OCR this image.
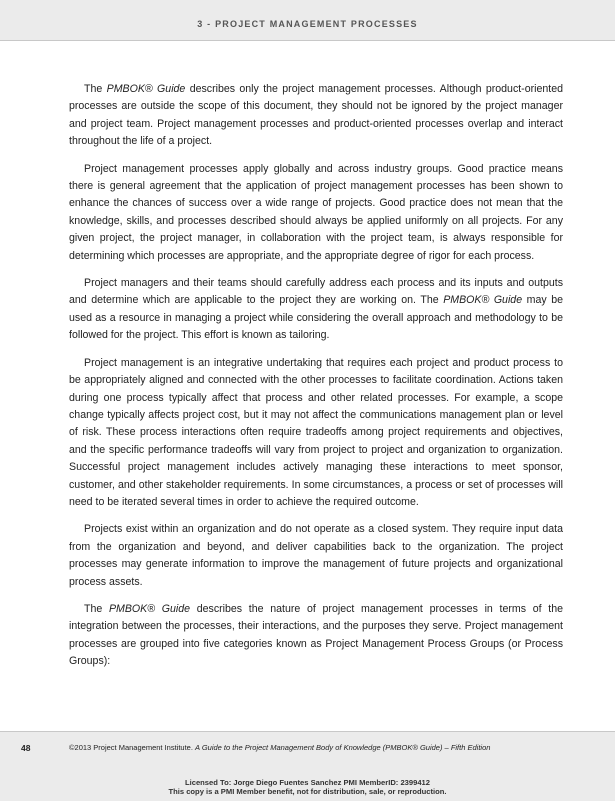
3 - PROJECT MANAGEMENT PROCESSES

The PMBOK® Guide describes only the project management processes. Although product-oriented processes are outside the scope of this document, they should not be ignored by the project manager and project team. Project management processes and product-oriented processes overlap and interact throughout the life of a project.

Project management processes apply globally and across industry groups. Good practice means there is general agreement that the application of project management processes has been shown to enhance the chances of success over a wide range of projects. Good practice does not mean that the knowledge, skills, and processes described should always be applied uniformly on all projects. For any given project, the project manager, in collaboration with the project team, is always responsible for determining which processes are appropriate, and the appropriate degree of rigor for each process.

Project managers and their teams should carefully address each process and its inputs and outputs and determine which are applicable to the project they are working on. The PMBOK® Guide may be used as a resource in managing a project while considering the overall approach and methodology to be followed for the project. This effort is known as tailoring.

Project management is an integrative undertaking that requires each project and product process to be appropriately aligned and connected with the other processes to facilitate coordination. Actions taken during one process typically affect that process and other related processes. For example, a scope change typically affects project cost, but it may not affect the communications management plan or level of risk. These process interactions often require tradeoffs among project requirements and objectives, and the specific performance tradeoffs will vary from project to project and organization to organization. Successful project management includes actively managing these interactions to meet sponsor, customer, and other stakeholder requirements. In some circumstances, a process or set of processes will need to be iterated several times in order to achieve the required outcome.

Projects exist within an organization and do not operate as a closed system. They require input data from the organization and beyond, and deliver capabilities back to the organization. The project processes may generate information to improve the management of future projects and organizational process assets.

The PMBOK® Guide describes the nature of project management processes in terms of the integration between the processes, their interactions, and the purposes they serve. Project management processes are grouped into five categories known as Project Management Process Groups (or Process Groups):

48	©2013 Project Management Institute. A Guide to the Project Management Body of Knowledge (PMBOK® Guide) – Fifth Edition
Licensed To: Jorge Diego Fuentes Sanchez PMI MemberID: 2399412
This copy is a PMI Member benefit, not for distribution, sale, or reproduction.
